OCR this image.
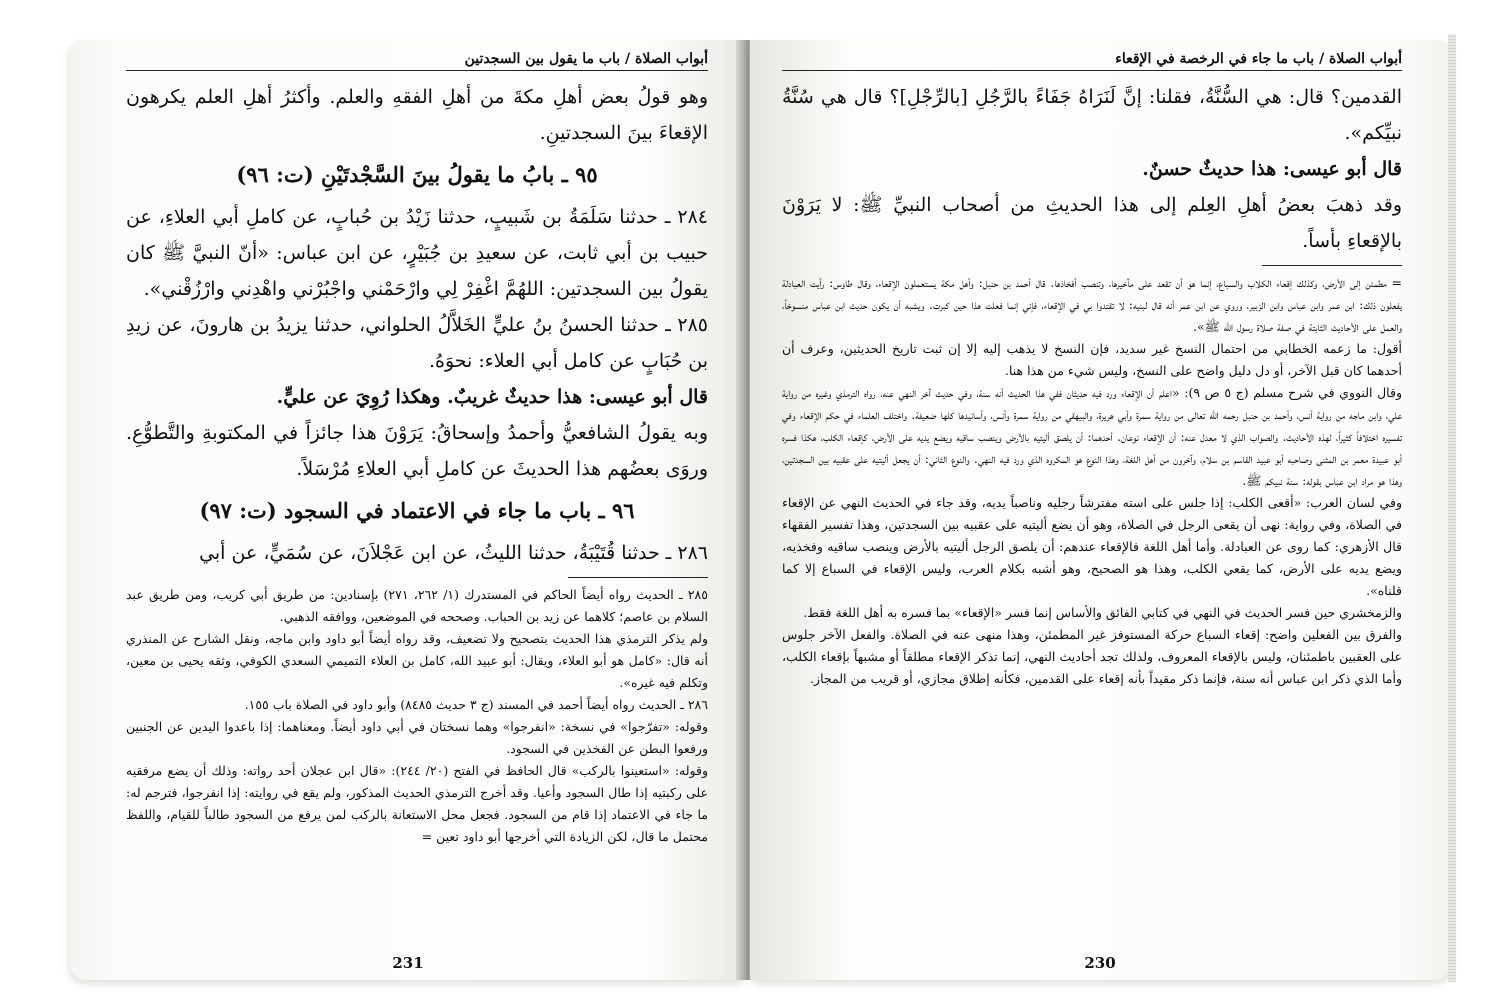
أبواب الصلاة / باب ما يقول بين السجدتين

وهو قولُ بعض أهلِ مكةَ من أهلِ الفقهِ والعلم. وأكثرُ أهلِ العلم يكرهون الإقعاءَ بينَ السجدتينِ.

٩٥ ـ بابُ ما يقولُ بينَ السَّجْدتَيْنِ (ت: ٩٦)

٢٨٤ ـ حدثنا سَلَمَةُ بن شَبيبٍ، حدثنا زَيْدُ بن حُبابٍ، عن كاملِ أبي العلاءِ، عن حبيب بن أبي ثابت، عن سعيدِ بن جُبَيْرٍ، عن ابن عباس: «أنّ النبيَّ ﷺ كان يقولُ بين السجدتين: اللهُمَّ اغْفِرْ لِي وارْحَمْني واجْبُرْني واهْدِني وارْزُقْني».

٢٨٥ ـ حدثنا الحسنُ بنُ عليٍّ الخَلاَّلُ الحلواني، حدثنا يزيدُ بن هارونَ، عن زيدِ بن حُبَابٍ عن كامل أبي العلاء: نحوَهُ.

قال أبو عيسى: هذا حديثٌ غريبٌ. وهكذا رُوِيَ عن عليٍّ.

وبه يقولُ الشافعيُّ وأحمدُ وإسحاقُ: يَرَوْنَ هذا جائزاً في المكتوبةِ والتَّطوُّعِ. وروَى بعضُهم هذا الحديثَ عن كاملِ أبي العلاءِ مُرْسَلاً.

٩٦ ـ باب ما جاء في الاعتماد في السجود (ت: ٩٧)

٢٨٦ ـ حدثنا قُتَيْبَةُ، حدثنا الليثُ، عن ابن عَجْلاَنَ، عن سُمَيٍّ، عن أبي

٢٨٥ ـ الحديث رواه أيضاً الحاكم في المستدرك (١/ ٢٦٢، ٢٧١) بإسنادين: من طريق أبي كريب، ومن طريق عبد السلام بن عاصم؛ كلاهما عن زيد بن الحباب. وصححه في الموضعين، ووافقه الذهبي.

ولم يذكر الترمذي هذا الحديث بتصحيح ولا تضعيف، وقد رواه أيضاً أبو داود وابن ماجه، ونقل الشارح عن المنذري أنه قال: «كامل هو أبو العلاء، ويقال: أبو عبيد الله، كامل بن العلاء التميمي السعدي الكوفي، وثقه يحيى بن معين، وتكلم فيه غيره».

٢٨٦ ـ الحديث رواه أيضاً أحمد في المسند (ج ٣ حديث ٨٤٨٥) وأبو داود في الصلاة باب ١٥٥.

وقوله: «تفرّجوا» في نسخة: «انفرجوا» وهما نسختان في أبي داود أيضاً. ومعناهما: إذا باعدوا اليدين عن الجنبين ورفعوا البطن عن الفخذين في السجود.

وقوله: «استعينوا بالركب» قال الحافظ في الفتح (٢٠/ ٢٤٤): «قال ابن عجلان أحد رواته: وذلك أن يضع مرفقيه على ركبتيه إذا طال السجود وأعيا. وقد أخرج الترمذي الحديث المذكور، ولم يقع في روايته: إذا انفرجوا، فترجم له: ما جاء في الاعتماد إذا قام من السجود. فجعل محل الاستعانة بالركب لمن يرفع من السجود طالباً للقيام، واللفظ محتمل ما قال، لكن الزيادة التي أخرجها أبو داود تعين =

231
أبواب الصلاة / باب ما جاء في الرخصة في الإقعاء

القدمين؟ قال: هي السُّنَّةُ، فقلنا: إنَّ لَنَرَاهُ جَفَاءً بالرَّجُلِ [بالرِّجْلِ]؟ قال هي سُنَّةُ نبيِّكم».

قال أبو عيسى: هذا حديثٌ حسنٌ.

وقد ذهبَ بعضُ أهلِ العِلم إلى هذا الحديثِ من أصحاب النبيِّ ﷺ: لا يَرَوْنَ بالإقعاءِ بأساً.

= مطمئن إلى الأرض، وكذلك إقعاء الكلاب والسباع، إنما هو أن تقعد على مآخيرها، وتنصب أفخاذها. قال أحمد بن حنبل: وأهل مكة يستعملون الإقعاء، وقال طاوس: رأيت العبادلة يفعلون ذلك: ابن عمر وابن عباس وابن الزبير، وروي عن ابن عمر أنه قال لبنيه: لا تقتدوا بي في الإقعاء، فإني إنما فعلت هذا حين كبرت. ويشبه أن يكون حديث ابن عباس منسوخاً، والعمل على الأحاديث الثابتة في صفة صلاة رسول الله ﷺ».

أقول: ما زعمه الخطابي من احتمال النسخ غير سديد، فإن النسخ لا يذهب إليه إلا إن ثبت تاريخ الحديثين، وعرف أن أحدهما كان قبل الآخر، أو دل دليل واضح على النسخ، وليس شيء من هذا هنا.

وقال النووي في شرح مسلم (ج ٥ ص ٩): «اعلم أن الإقعاء ورد فيه حديثان ففي هذا الحديث أنه سنة، وفي حديث آخر النهي عنه، رواه الترمذي وغيره من رواية علي، وابن ماجه من رواية أنس، وأحمد بن حنبل رحمه الله تعالى من رواية سمرة وأبي هريرة، والبيهقي من رواية سمرة وأنس، وأسانيدها كلها ضعيفة. واختلف العلماء في حكم الإقعاء وفي تفسيره اختلافاً كثيراً، لهذه الأحاديث. والصواب الذي لا معدل عنه: أن الإقعاء نوعان. أحدهما: أن يلصق أليتيه بالأرض وينصب ساقيه ويضع يديه على الأرض، كإقعاء الكلب، هكذا فسره أبو عبيدة معمر بن المثنى وصاحبه أبو عبيد القاسم بن سلام، وآخرون من أهل اللغة، وهذا النوع هو المكروه الذي ورد فيه النهي. والنوع الثاني: أن يجعل أليتيه على عقبيه بين السجدتين، وهذا هو مراد ابن عباس بقوله: سنة نبيكم ﷺ.

وفي لسان العرب: «أقعى الكلب: إذا جلس على استه مفترشاً رجليه وناصباً يديه، وقد جاء في الحديث النهي عن الإقعاء في الصلاة، وفي رواية: نهى أن يقعى الرجل في الصلاة، وهو أن يضع أليتيه على عقبيه بين السجدتين، وهذا تفسير الفقهاء قال الأزهري: كما روى عن العبادلة. وأما أهل اللغة فالإقعاء عندهم: أن يلصق الرجل أليتيه بالأرض وينصب ساقيه وفخذيه، ويضع يديه على الأرض، كما يقعي الكلب، وهذا هو الصحيح، وهو أشبه بكلام العرب، وليس الإقعاء في السباع إلا كما قلناه».

والزمخشري حين فسر الحديث في النهي في كتابي الفائق والأساس إنما فسر «الإقعاء» بما فسره به أهل اللغة فقط.

والفرق بين الفعلين واضح: إقعاء السباع حركة المستوفز غير المطمئن، وهذا منهى عنه في الصلاة. والفعل الآخر جلوس على العقبين باطمئنان، وليس بالإقعاء المعروف، ولذلك تجد أحاديث النهي، إنما تذكر الإقعاء مطلقاً أو مشبهاً بإقعاء الكلب، وأما الذي ذكر ابن عباس أنه سنة، فإنما ذكر مقيداً بأنه إقعاء على القدمين، فكأنه إطلاق مجازي، أو قريب من المجاز.

230
